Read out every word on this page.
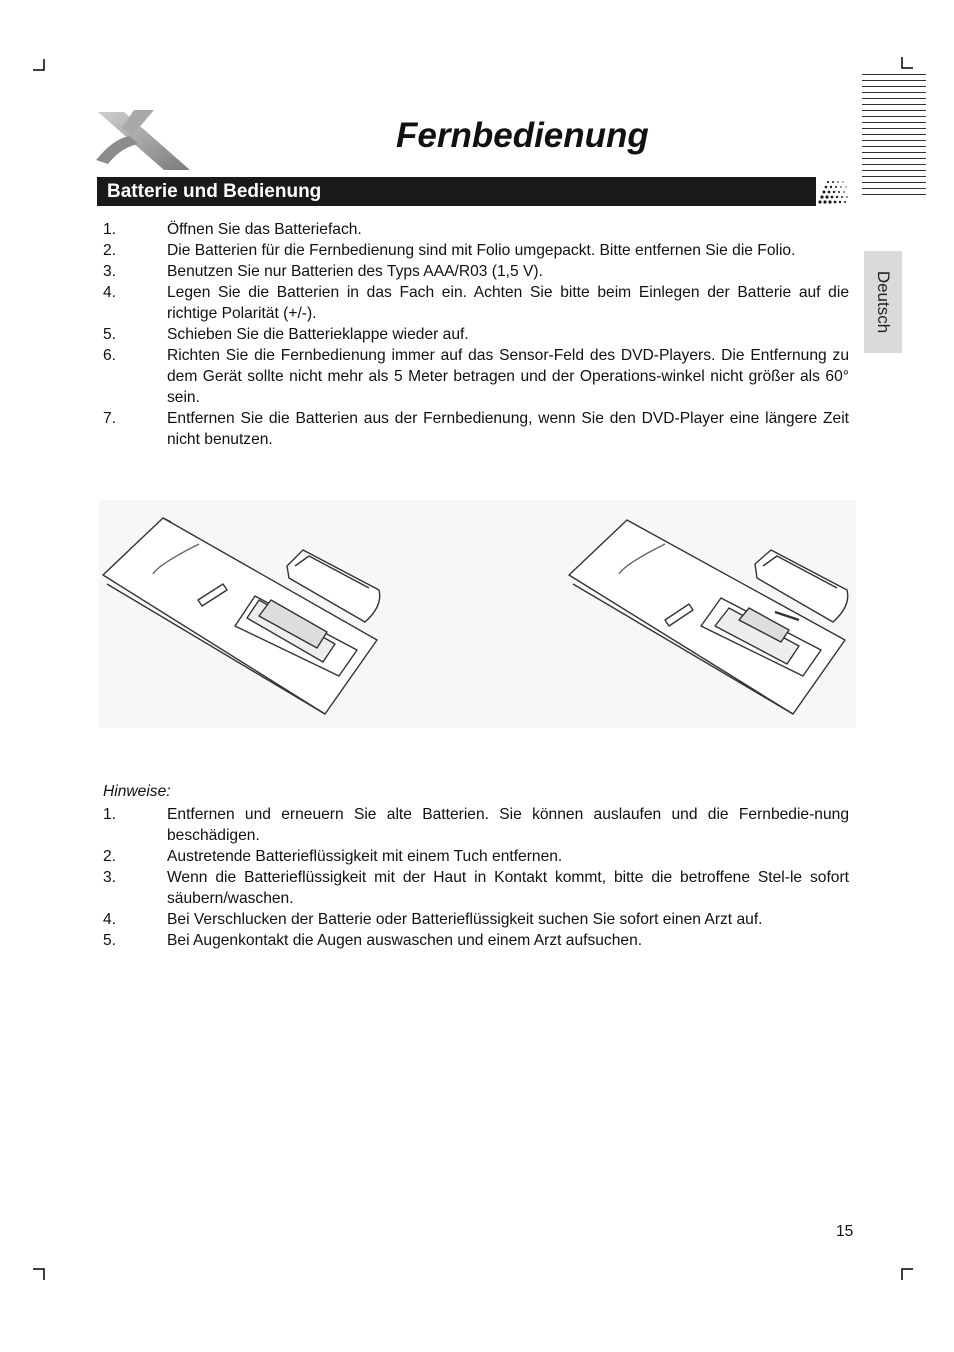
Fernbedienung
Deutsch
Batterie und Bedienung
1.	Öffnen Sie das Batteriefach.
2.	Die Batterien für die Fernbedienung sind mit Folio umgepackt. Bitte entfernen Sie die Folio.
3.	Benutzen Sie nur Batterien des Typs AAA/R03 (1,5 V).
4.	Legen Sie die Batterien in das Fach ein. Achten Sie bitte beim Einlegen der Batterie auf die richtige Polarität (+/-).
5.	Schieben Sie die Batterieklappe wieder auf.
6.	Richten Sie die Fernbedienung immer auf das Sensor-Feld des DVD-Players. Die Entfernung zu dem Gerät sollte nicht mehr als 5 Meter betragen und der Operations-winkel nicht größer als 60° sein.
7.	Entfernen Sie die Batterien aus der Fernbedienung, wenn Sie den DVD-Player eine längere Zeit nicht benutzen.
Hinweise:
1.	Entfernen und erneuern Sie alte Batterien. Sie können auslaufen und die Fernbedie-nung beschädigen.
2.	Austretende Batterieflüssigkeit mit einem Tuch entfernen.
3.	Wenn die Batterieflüssigkeit mit der Haut in Kontakt kommt, bitte die betroffene Stel-le sofort säubern/waschen.
4.	Bei Verschlucken der Batterie oder Batterieflüssigkeit suchen Sie sofort einen Arzt auf.
5.	Bei Augenkontakt die Augen auswaschen und einem Arzt aufsuchen.
15
